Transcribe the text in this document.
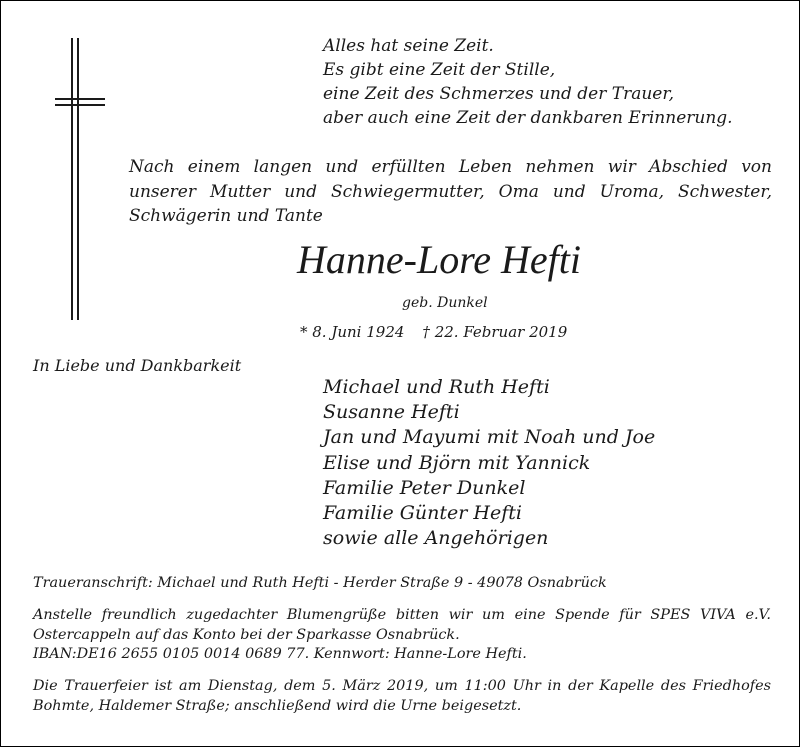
Alles hat seine Zeit.
Es gibt eine Zeit der Stille,
eine Zeit des Schmerzes und der Trauer,
aber auch eine Zeit der dankbaren Erinnerung.
Nach einem langen und erfüllten Leben nehmen wir Abschied von unserer Mutter und Schwiegermutter, Oma und Uroma, Schwester, Schwägerin und Tante
Hanne-Lore Hefti
geb. Dunkel
* 8. Juni 1924 † 22. Februar 2019
In Liebe und Dankbarkeit
Michael und Ruth Hefti
Susanne Hefti
Jan und Mayumi mit Noah und Joe
Elise und Björn mit Yannick
Familie Peter Dunkel
Familie Günter Hefti
sowie alle Angehörigen
Traueranschrift: Michael und Ruth Hefti - Herder Straße 9 - 49078 Osnabrück
Anstelle freundlich zugedachter Blumengrüße bitten wir um eine Spende für SPES VIVA e.V. Ostercappeln auf das Konto bei der Sparkasse Osnabrück.
IBAN:DE16 2655 0105 0014 0689 77. Kennwort: Hanne-Lore Hefti.
Die Trauerfeier ist am Dienstag, dem 5. März 2019, um 11:00 Uhr in der Kapelle des Friedhofes Bohmte, Haldemer Straße; anschließend wird die Urne beigesetzt.
